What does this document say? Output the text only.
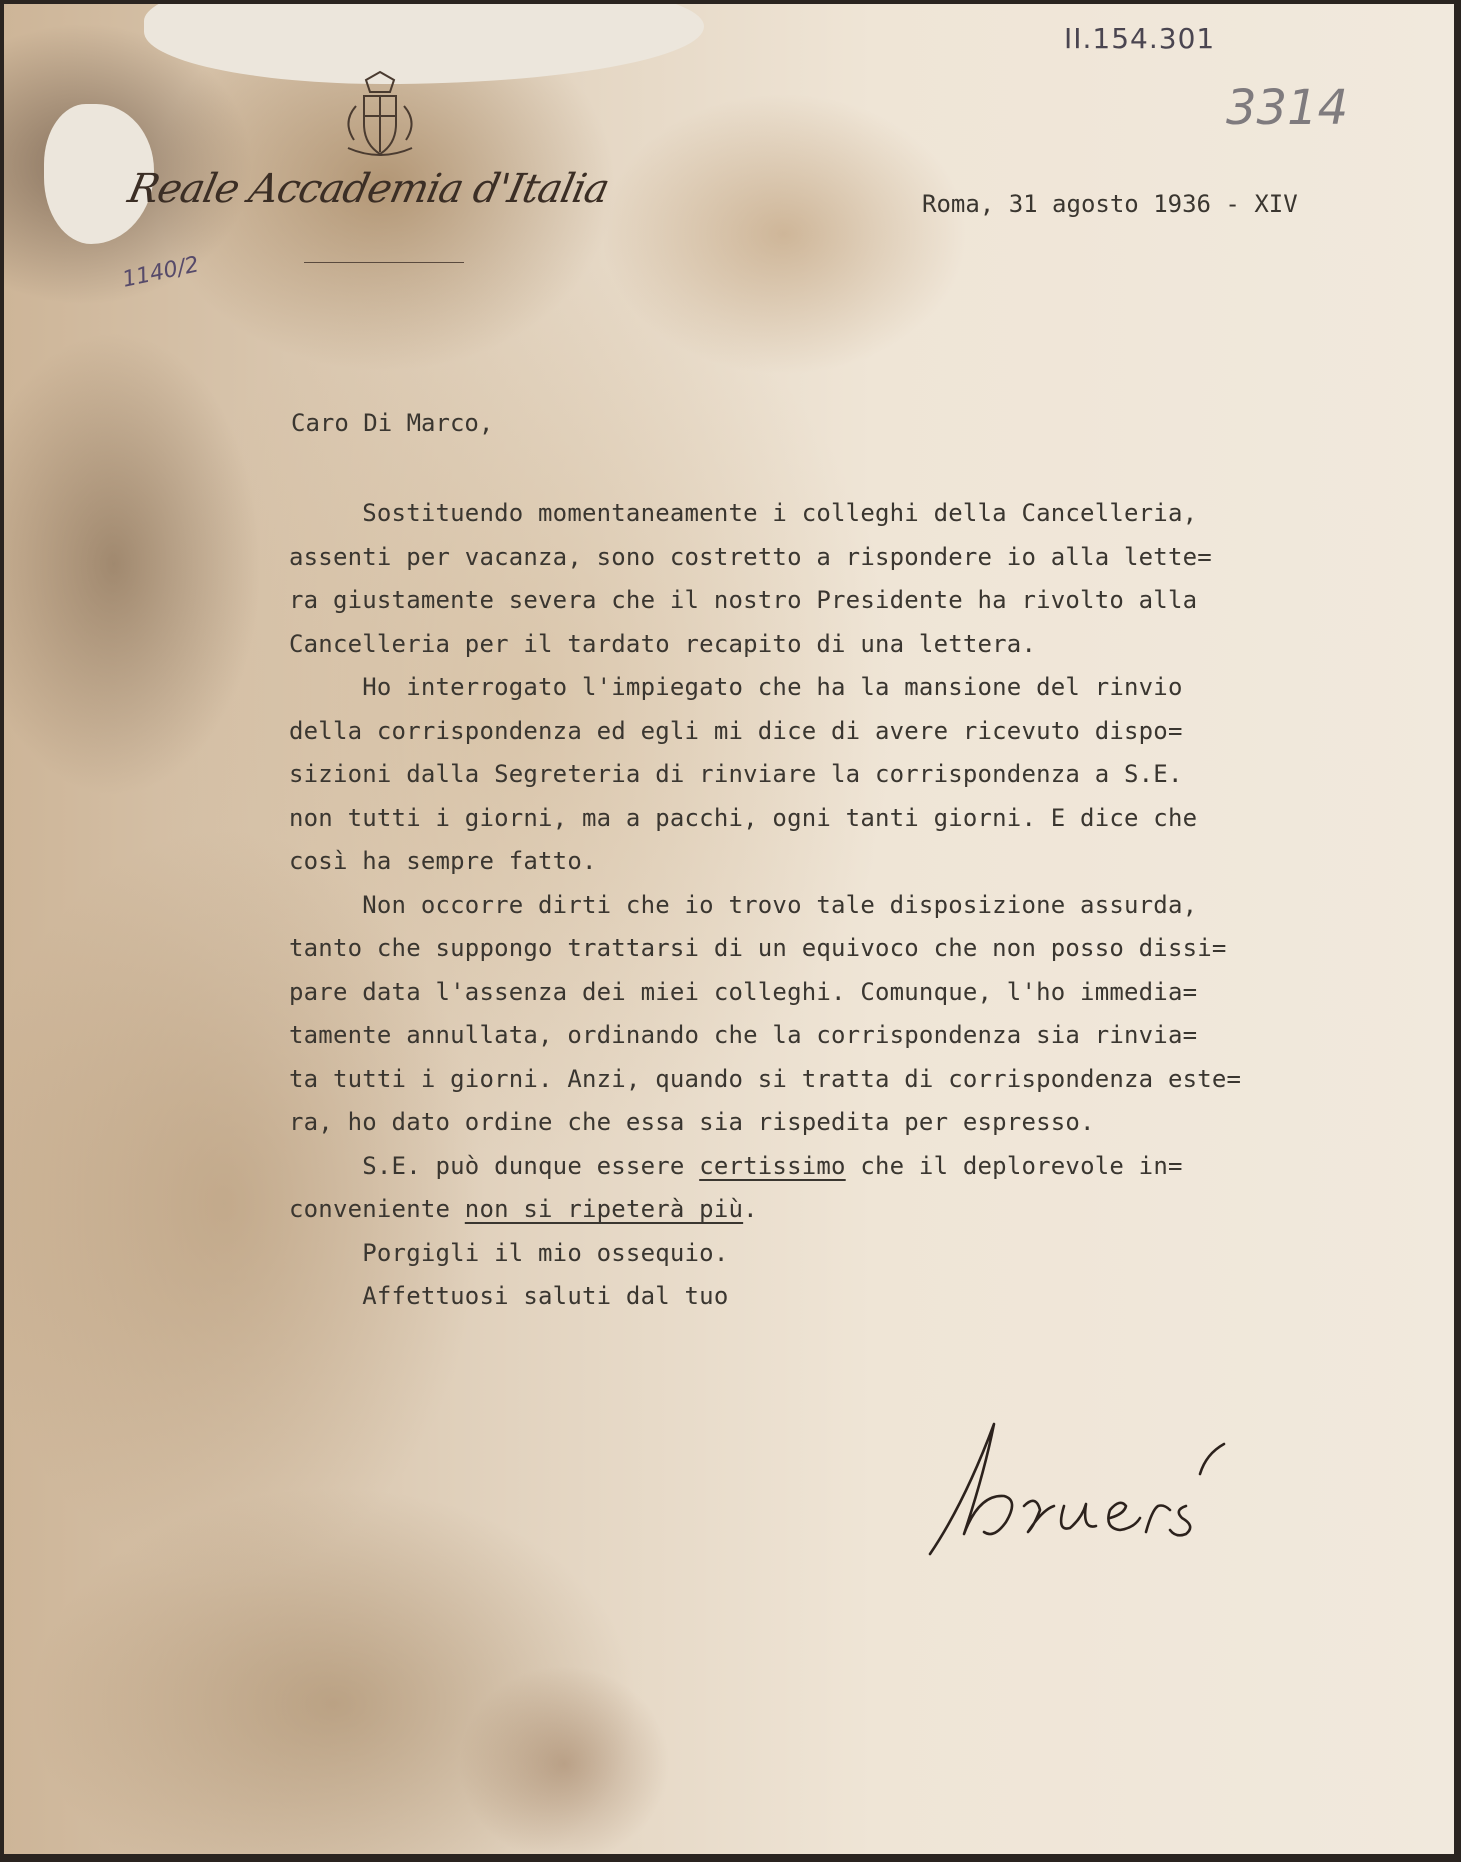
Reale Accademia d'Italia
1140/2
II.154.301
3314
Roma, 31 agosto 1936 - XIV
Caro Di Marco,
Sostituendo momentaneamente i colleghi della Cancelleria,
assenti per vacanza, sono costretto a rispondere io alla lette=
ra giustamente severa che il nostro Presidente ha rivolto alla
Cancelleria per il tardato recapito di una lettera.
Ho interrogato l'impiegato che ha la mansione del rinvio
della corrispondenza ed egli mi dice di avere ricevuto dispo=
sizioni dalla Segreteria di rinviare la corrispondenza a S.E.
non tutti i giorni, ma a pacchi, ogni tanti giorni. E dice che
così ha sempre fatto.
Non occorre dirti che io trovo tale disposizione assurda,
tanto che suppongo trattarsi di un equivoco che non posso dissi=
pare data l'assenza dei miei colleghi. Comunque, l'ho immedia=
tamente annullata, ordinando che la corrispondenza sia rinvia=
ta tutti i giorni. Anzi, quando si tratta di corrispondenza este=
ra, ho dato ordine che essa sia rispedita per espresso.
S.E. può dunque essere certissimo che il deplorevole in=
conveniente non si ripeterà più.
Porgigli il mio ossequio.
Affettuosi saluti dal tuo
